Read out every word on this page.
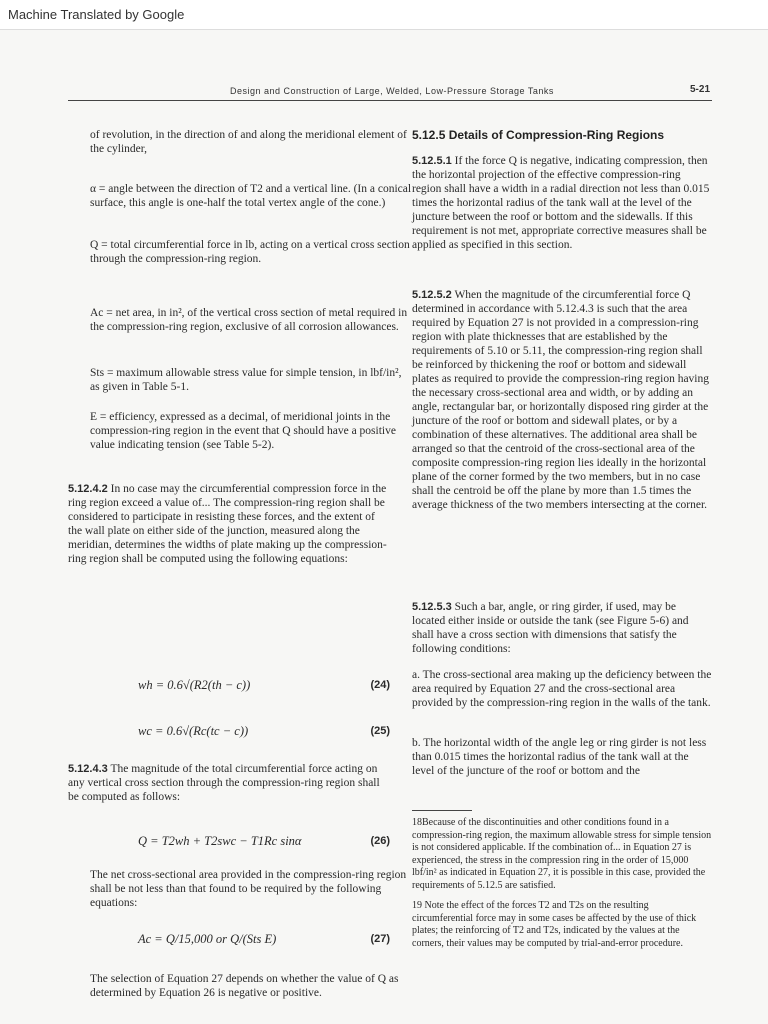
Machine Translated by Google
Design and Construction of Large, Welded, Low-Pressure Storage Tanks	5-21
of revolution, in the direction of and along the meridional element of the cylinder,
α = angle between the direction of T2 and a vertical line. (In a conical surface, this angle is one-half the total vertex angle of the cone.)
Q = total circumferential force in lb, acting on a vertical cross section through the compression-ring region.
Ac = net area, in in², of the vertical cross section of metal required in the compression-ring region, exclusive of all corrosion allowances.
Sts = maximum allowable stress value for simple tension, in lbf/in², as given in Table 5-1.
E = efficiency, expressed as a decimal, of meridional joints in the compression-ring region in the event that Q should have a positive value indicating tension (see Table 5-2).
5.12.4.2 In no case may the circumferential compression force in the ring region exceed a value of... The compression-ring region shall be considered to participate in resisting these forces, and the extent of the wall plate on either side of the junction, measured along the meridian, determines the widths of plate making up the compression-ring region shall be computed using the following equations:
wh = 0.6√(R2(th − c))	(24)
wc = 0.6√(Rc(tc − c))	(25)
5.12.4.3 The magnitude of the total circumferential force acting on any vertical cross section through the compression-ring region shall be computed as follows:
Q = T2wh + T2swc − T1Rc sinα	(26)
The net cross-sectional area provided in the compression-ring region shall be not less than that found to be required by the following equations:
Ac = Q/15,000 or Q/(Sts E)	(27)
The selection of Equation 27 depends on whether the value of Q as determined by Equation 26 is negative or positive.
5.12.5 Details of Compression-Ring Regions
5.12.5.1 If the force Q is negative, indicating compression, then the horizontal projection of the effective compression-ring region shall have a width in a radial direction not less than 0.015 times the horizontal radius of the tank wall at the level of the juncture between the roof or bottom and the sidewalls. If this requirement is not met, appropriate corrective measures shall be applied as specified in this section.
5.12.5.2 When the magnitude of the circumferential force Q determined in accordance with 5.12.4.3 is such that the area required by Equation 27 is not provided in a compression-ring region with plate thicknesses that are established by the requirements of 5.10 or 5.11, the compression-ring region shall be reinforced by thickening the roof or bottom and sidewall plates as required to provide the compression-ring region having the necessary cross-sectional area and width, or by adding an angle, rectangular bar, or horizontally disposed ring girder at the juncture of the roof or bottom and sidewall plates, or by a combination of these alternatives. The additional area shall be arranged so that the centroid of the cross-sectional area of the composite compression-ring region lies ideally in the horizontal plane of the corner formed by the two members, but in no case shall the centroid be off the plane by more than 1.5 times the average thickness of the two members intersecting at the corner.
5.12.5.3 Such a bar, angle, or ring girder, if used, may be located either inside or outside the tank (see Figure 5-6) and shall have a cross section with dimensions that satisfy the following conditions:
a. The cross-sectional area making up the deficiency between the area required by Equation 27 and the cross-sectional area provided by the compression-ring region in the walls of the tank.
b. The horizontal width of the angle leg or ring girder is not less than 0.015 times the horizontal radius of the tank wall at the level of the juncture of the roof or bottom and the

18Because of the discontinuities and other conditions found in a compression-ring region, the maximum allowable stress for simple tension is not considered applicable. If the combination of... in Equation 27 is experienced, the stress in the compression ring in the order of 15,000 lbf/in² as indicated in Equation 27, it is possible in this case, provided the requirements of 5.12.5 are satisfied.

19 Note the effect of the forces T2 and T2s on the resulting circumferential force may in some cases be affected by the use of thick plates; the reinforcing of T2 and T2s, indicated by the values at the corners, their values may be computed by trial-and-error procedure.
